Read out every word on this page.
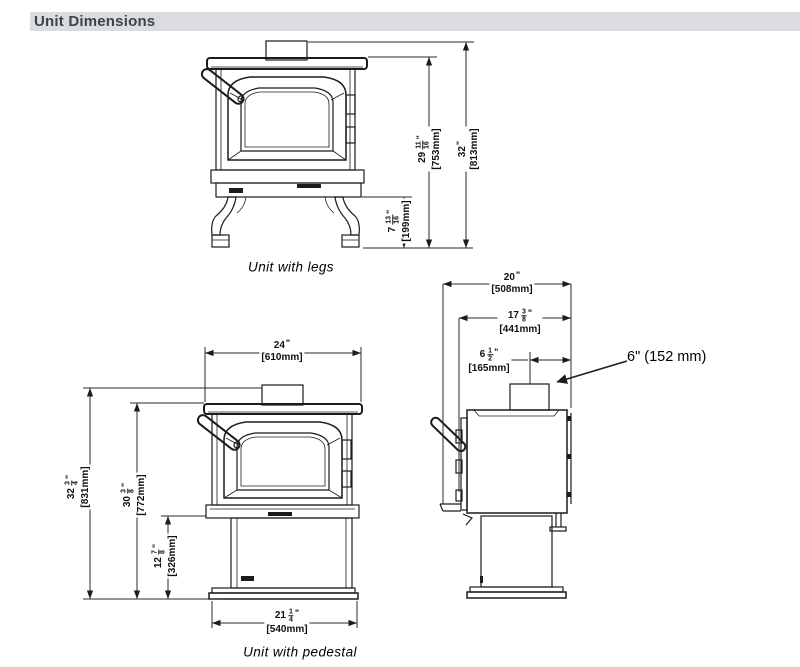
Unit Dimensions
29
11 16
" [753mm] 32
" [813mm]
7
13 16
" [199mm]
24 "
[610mm]
32
3 4
" [831mm]	30
3 8
" [772mm]
12
7 8
" [326mm]
$21 \frac{1}{4}$ "
[540mm]
20 "
[508mm]
$17 \frac{3}{8}$ "
[441mm]
$6 \frac{1}{2}$ "
[165mm]
6" (152 mm)
Unit with legs
Unit with pedestal
